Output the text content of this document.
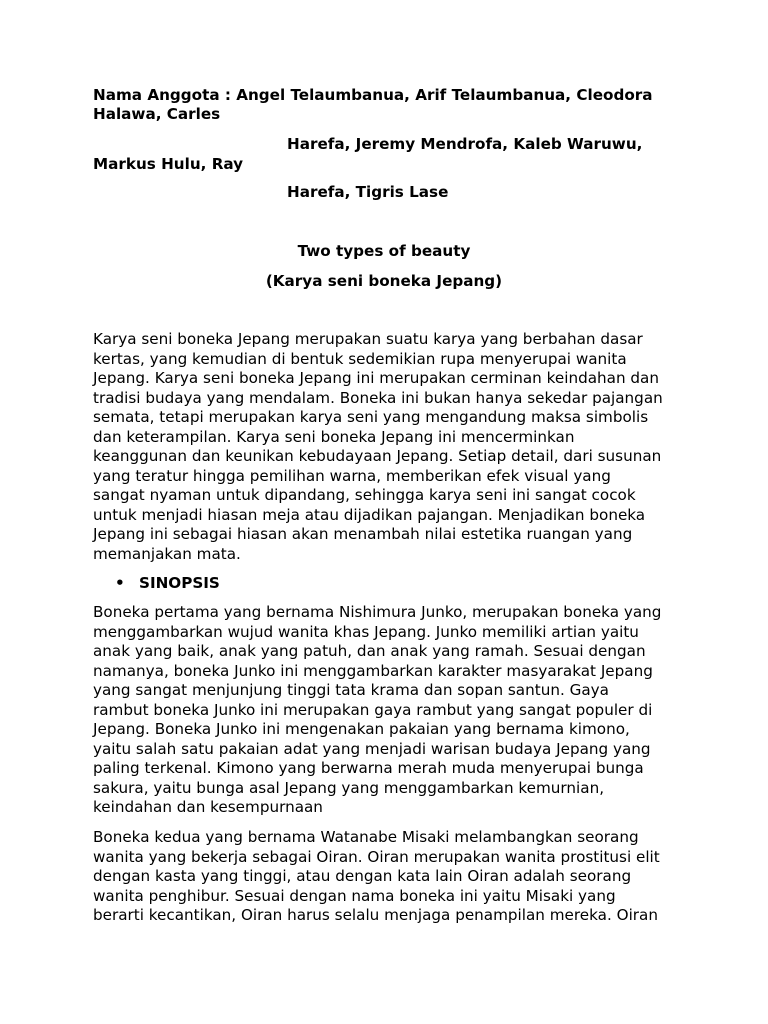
Nama Anggota : Angel Telaumbanua, Arif Telaumbanua, Cleodora
Halawa, Carles
Harefa, Jeremy Mendrofa, Kaleb Waruwu,
Markus Hulu, Ray
Harefa, Tigris Lase
Two types of beauty
(Karya seni boneka Jepang)
Karya seni boneka Jepang merupakan suatu karya yang berbahan dasar
kertas, yang kemudian di bentuk sedemikian rupa menyerupai wanita
Jepang. Karya seni boneka Jepang ini merupakan cerminan keindahan dan
tradisi budaya yang mendalam. Boneka ini bukan hanya sekedar pajangan
semata, tetapi merupakan karya seni yang mengandung maksa simbolis
dan keterampilan. Karya seni boneka Jepang ini mencerminkan
keanggunan dan keunikan kebudayaan Jepang. Setiap detail, dari susunan
yang teratur hingga pemilihan warna, memberikan efek visual yang
sangat nyaman untuk dipandang, sehingga karya seni ini sangat cocok
untuk menjadi hiasan meja atau dijadikan pajangan. Menjadikan boneka
Jepang ini sebagai hiasan akan menambah nilai estetika ruangan yang
memanjakan mata.
• SINOPSIS
Boneka pertama yang bernama Nishimura Junko, merupakan boneka yang
menggambarkan wujud wanita khas Jepang. Junko memiliki artian yaitu
anak yang baik, anak yang patuh, dan anak yang ramah. Sesuai dengan
namanya, boneka Junko ini menggambarkan karakter masyarakat Jepang
yang sangat menjunjung tinggi tata krama dan sopan santun. Gaya
rambut boneka Junko ini merupakan gaya rambut yang sangat populer di
Jepang. Boneka Junko ini mengenakan pakaian yang bernama kimono,
yaitu salah satu pakaian adat yang menjadi warisan budaya Jepang yang
paling terkenal. Kimono yang berwarna merah muda menyerupai bunga
sakura, yaitu bunga asal Jepang yang menggambarkan kemurnian,
keindahan dan kesempurnaan
Boneka kedua yang bernama Watanabe Misaki melambangkan seorang
wanita yang bekerja sebagai Oiran. Oiran merupakan wanita prostitusi elit
dengan kasta yang tinggi, atau dengan kata lain Oiran adalah seorang
wanita penghibur. Sesuai dengan nama boneka ini yaitu Misaki yang
berarti kecantikan, Oiran harus selalu menjaga penampilan mereka. Oiran
